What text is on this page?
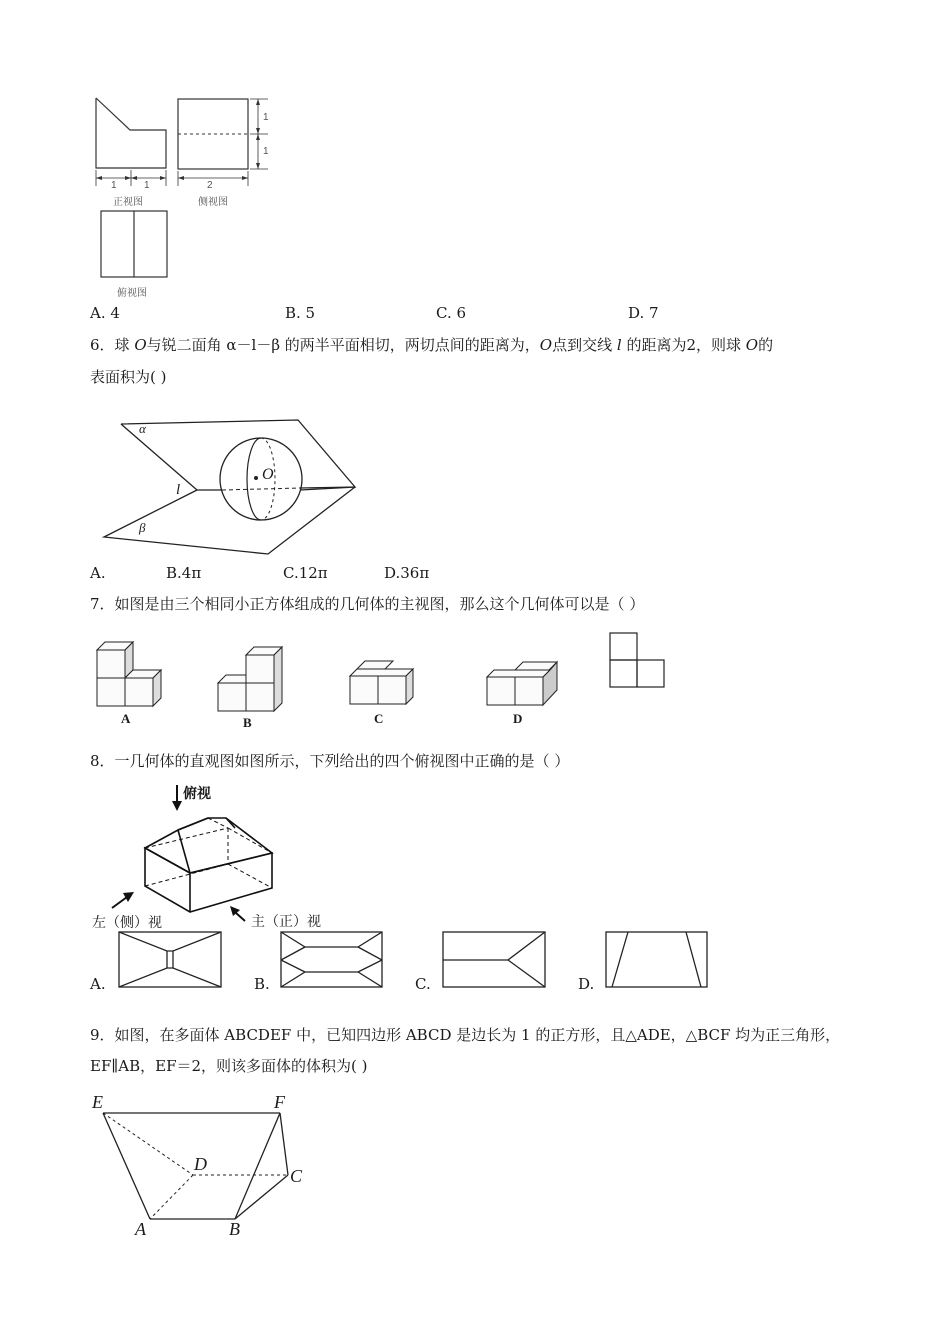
1	1	2
1
1
正视图	侧视图
俯视图
A. 4	B. 5	C. 6	D. 7
6．球 O与锐二面角 α－l－β 的两半平面相切，两切点间的距离为，O点到交线 l 的距离为2，则球 O的
表面积为( )
α
β
l
O
A.	B.4π	C.12π	D.36π
7．如图是由三个相同小正方体组成的几何体的主视图，那么这个几何体可以是（ ）
A	B	C	D
8．一几何体的直观图如图所示，下列给出的四个俯视图中正确的是（ ）
俯视
左（侧）视	主（正）视
A.	B.	C.	D.
9．如图，在多面体 ABCDEF 中，已知四边形 ABCD 是边长为 1 的正方形，且△ADE，△BCF 均为正三角形，
EF∥AB，EF＝2，则该多面体的体积为( )
E	F
D
C
A	B
